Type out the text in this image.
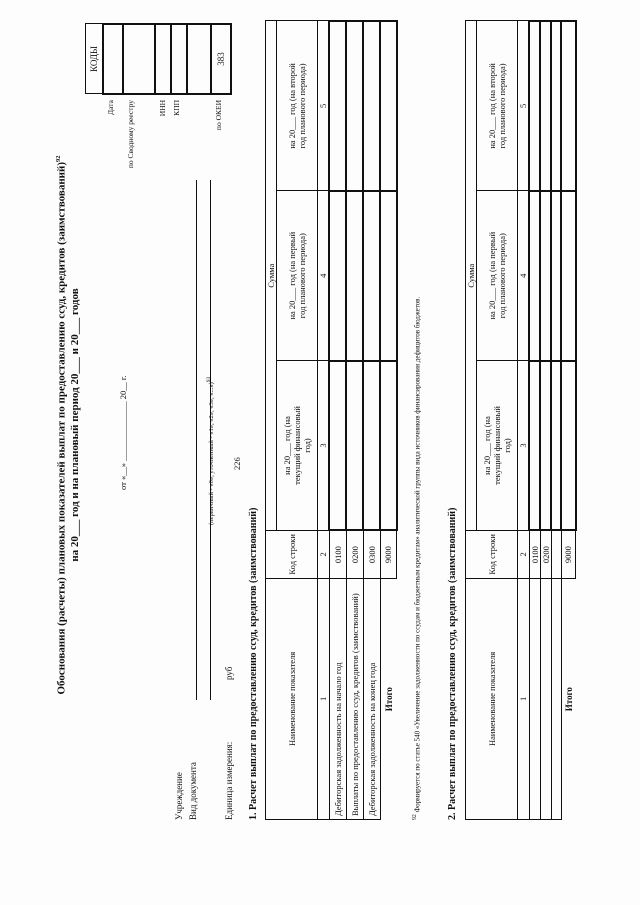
226
Обоснования (расчеты) плановых показателей выплат по предоставлению ссуд, кредитов (заимствований)$^{92}$
на 20___ год и на плановый период 20___ и 20___ годов	от «__» ______________ 20__ г.
Учреждение Вид документа
(первичный - «0», уточненный - «1», «2», «3», «...»)$^{93}$
Единица измерения:
руб
Дата по Сводному реестру	ИНН КПП	по ОКЕИ
КОДЫ

383
1. Расчет выплат по предоставлению ссуд, кредитов (заимствований)	Наименование показателя	Код строки	Сумма		
		на 20___ год (на текущий финансовый год)	на 20___ год (на первый год планового периода)	на 20___ год (на второй год планового периода)
1	2	3	4	5
Дебиторская задолженность на начало год	0100			
Выплаты по предоставлению ссуд, кредитов (заимствований)	0200			
Дебиторская задолженность на конец года	0300			
Итого	9000			
$^{92}$ Формируется по статье 540 «Увеличение задолженности по ссудам и бюджетным кредитам» аналитической группы вида источников финансирования дефицитов бюджетов.	2. Расчет выплат по предоставлению ссуд, кредитов (заимствований)	Наименование показателя	Код строки	Сумма		
		на 20___ год (на текущий финансовый год)	на 20___ год (на первый год планового периода)	на 20___ год (на второй год планового периода)
1	2	3	4	5
	0100			
	0200			

Итого	9000			
